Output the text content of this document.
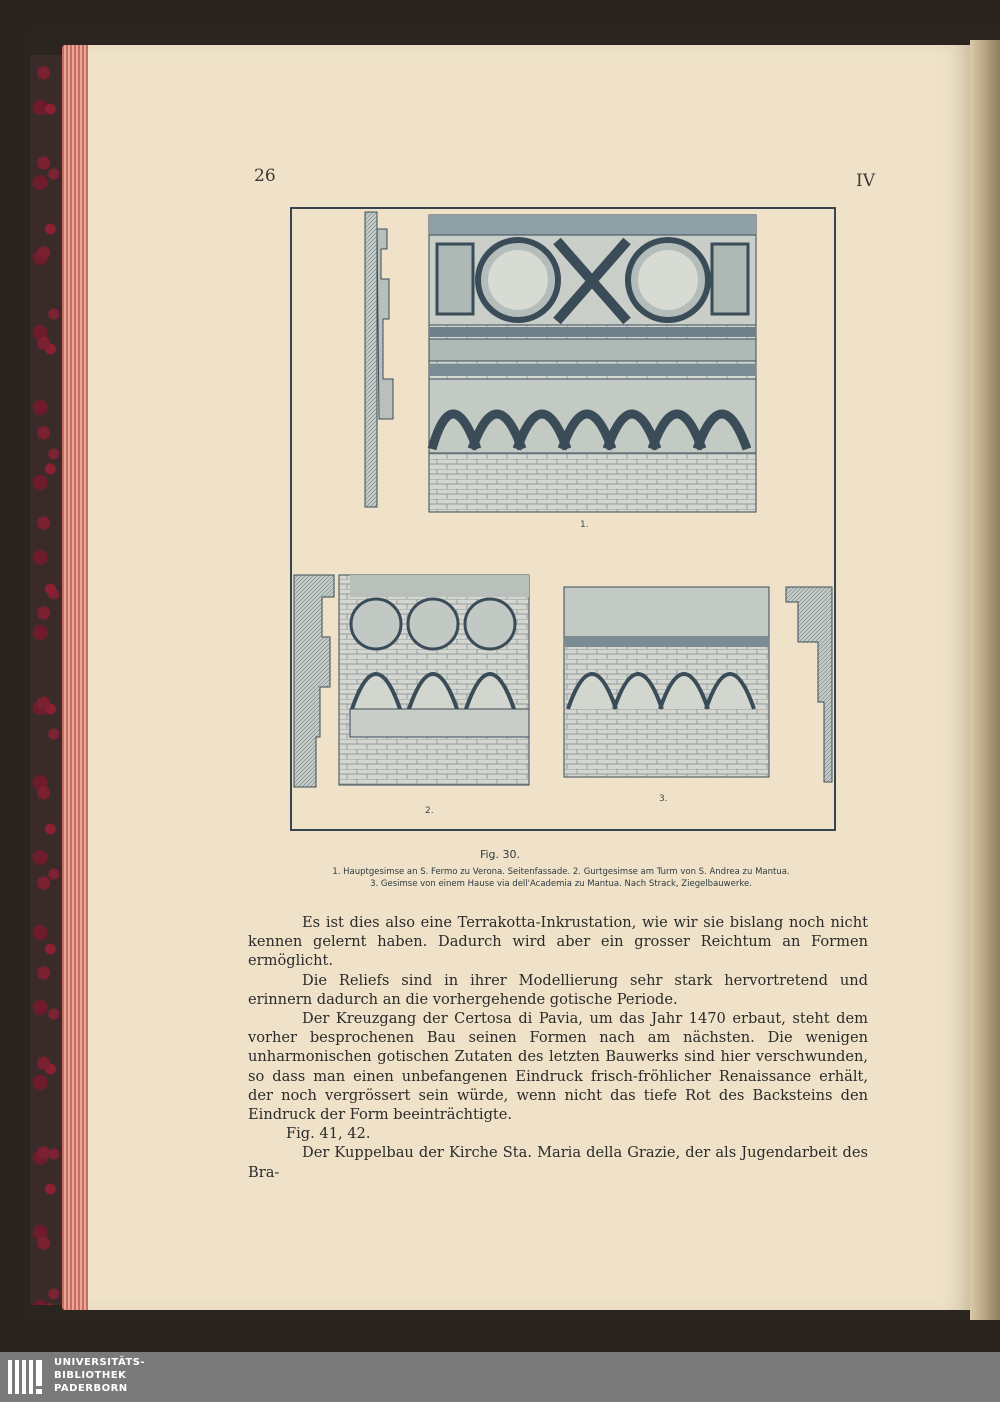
26	IV
1.
2.
3.
Fig. 30.
1. Hauptgesimse an S. Fermo zu Verona. Seitenfassade. 2. Gurtgesimse am Turm von S. Andrea zu Mantua.
3. Gesimse von einem Hause via dell'Academia zu Mantua. Nach Strack, Ziegelbauwerke.

Es ist dies also eine Terrakotta-Inkrustation, wie wir sie bislang noch nicht kennen gelernt haben. Dadurch wird aber ein grosser Reichtum an Formen ermöglicht.

Die Reliefs sind in ihrer Modellierung sehr stark hervortretend und erinnern dadurch an die vorhergehende gotische Periode.

Der Kreuzgang der Certosa di Pavia, um das Jahr 1470 erbaut, steht dem vorher besprochenen Bau seinen Formen nach am nächsten. Die wenigen unharmonischen gotischen Zutaten des letzten Bauwerks sind hier verschwunden, so dass man einen unbefangenen Eindruck frisch-fröhlicher Renaissance erhält, der noch vergrössert sein würde, wenn nicht das tiefe Rot des Backsteins den Eindruck der Form beeinträchtigte.

Fig. 41, 42.

Der Kuppelbau der Kirche Sta. Maria della Grazie, der als Jugendarbeit des Bra-

UNIVERSITÄTS-
BIBLIOTHEK
PADERBORN
